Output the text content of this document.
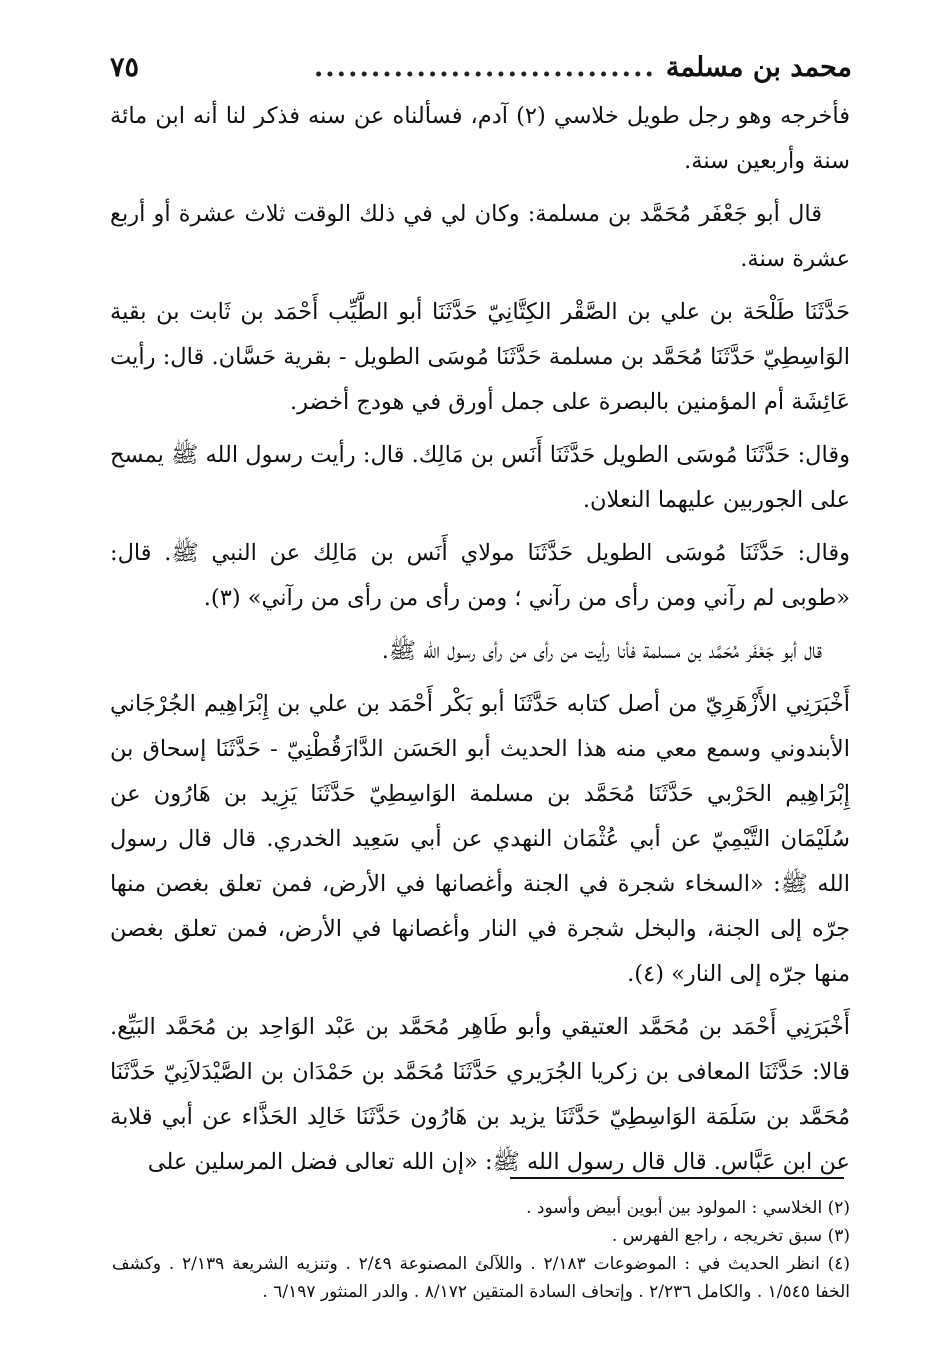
محمد بن مسلمة
..............................
٧٥

فأخرجه وهو رجل طويل خلاسي (٢) آدم، فسألناه عن سنه فذكر لنا أنه ابن مائة سنة وأربعين سنة.

قال أبو جَعْفَر مُحَمَّد بن مسلمة: وكان لي في ذلك الوقت ثلاث عشرة أو أربع عشرة سنة.

حَدَّثَنَا طَلْحَة بن علي بن الصَّقْر الكِتَّانِيّ حَدَّثَنَا أبو الطَّيِّب أَحْمَد بن ثَابت بن بقية الوَاسِطِيّ حَدَّثَنَا مُحَمَّد بن مسلمة حَدَّثَنَا مُوسَى الطويل - بقرية حَسَّان. قال: رأيت عَائِشَة أم المؤمنين بالبصرة على جمل أورق في هودج أخضر.

وقال: حَدَّثَنَا مُوسَى الطويل حَدَّثَنَا أَنَس بن مَالِك. قال: رأيت رسول الله ﷺ يمسح على الجوربين عليهما النعلان.

وقال: حَدَّثَنَا مُوسَى الطويل حَدَّثَنَا مولاي أَنَس بن مَالِك عن النبي ﷺ. قال: «طوبى لم رآني ومن رأى من رآني ؛ ومن رأى من رأى من رآني» (٣).

قال أبو جَعْفَر مُحَمَّد بن مسلمة فأنا رأيت من رأى من رأى رسول الله ﷺ.

أَخْبَرَنِي الأَزْهَرِيّ من أصل كتابه حَدَّثَنَا أبو بَكْر أَحْمَد بن علي بن إِبْرَاهِيم الجُرْجَاني الأبندوني وسمع معي منه هذا الحديث أبو الحَسَن الدَّارَقُطْنِيّ - حَدَّثَنَا إسحاق بن إِبْرَاهِيم الحَرْبي حَدَّثَنَا مُحَمَّد بن مسلمة الوَاسِطِيّ حَدَّثَنَا يَزِيد بن هَارُون عن سُلَيْمَان التَّيْمِيّ عن أبي عُثْمَان النهدي عن أبي سَعِيد الخدري. قال قال رسول الله ﷺ: «السخاء شجرة في الجنة وأغصانها في الأرض، فمن تعلق بغصن منها جرّه إلى الجنة، والبخل شجرة في النار وأغصانها في الأرض، فمن تعلق بغصن منها جرّه إلى النار» (٤).

أَخْبَرَنِي أَحْمَد بن مُحَمَّد العتيقي وأبو طَاهِر مُحَمَّد بن عَبْد الوَاحِد بن مُحَمَّد البَيِّع. قالا: حَدَّثَنَا المعافى بن زكريا الجُرَيري حَدَّثَنَا مُحَمَّد بن حَمْدَان بن الصَّيْدَلاَنِيّ حَدَّثَنَا مُحَمَّد بن سَلَمَة الوَاسِطِيّ حَدَّثَنَا يزيد بن هَارُون حَدَّثَنَا خَالِد الحَذَّاء عن أبي قلابة عن ابن عَبَّاس. قال قال رسول الله ﷺ: «إن الله تعالى فضل المرسلين على

(٢) الخلاسي : المولود بين أبوين أبيض وأسود .

(٣) سبق تخريجه ، راجع الفهرس .

(٤) انظر الحديث في : الموضوعات ٢/١٨٣ . واللآلئ المصنوعة ٢/٤٩ . وتنزيه الشريعة ٢/١٣٩ . وكشف الخفا ١/٥٤٥ . والكامل ٢/٢٣٦ . وإتحاف السادة المتقين ٨/١٧٢ . والدر المنثور ٦/١٩٧ .
